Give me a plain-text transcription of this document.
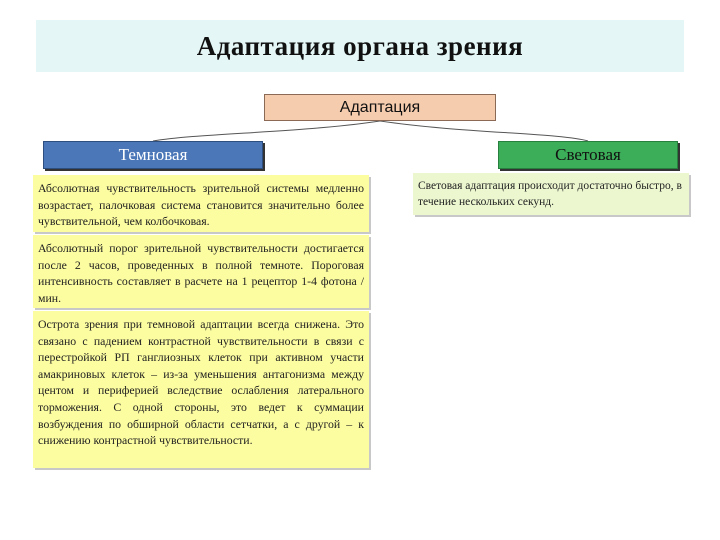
Адаптация органа зрения
Адаптация
Темновая	Световая

Абсолютная чувствительность зрительной системы медленно возрастает, палочковая система становится значительно более чувствительной, чем колбочковая.

Абсолютный порог зрительной чувствительности достигается после 2 часов, проведенных в полной темноте. Пороговая интенсивность составляет в расчете на 1 рецептор 1-4 фотона / мин.

Острота зрения при темновой адаптации всегда снижена. Это связано с падением контрастной чувствительности в связи с перестройкой РП ганглиозных клеток при активном участи амакриновых клеток – из-за уменьшения антагонизма между центом и периферией вследствие ослабления латерального торможения. С одной стороны, это ведет к суммации возбуждения по обширной области сетчатки, а с другой – к снижению контрастной чувствительности.

Световая адаптация происходит достаточно быстро, в течение нескольких секунд.
